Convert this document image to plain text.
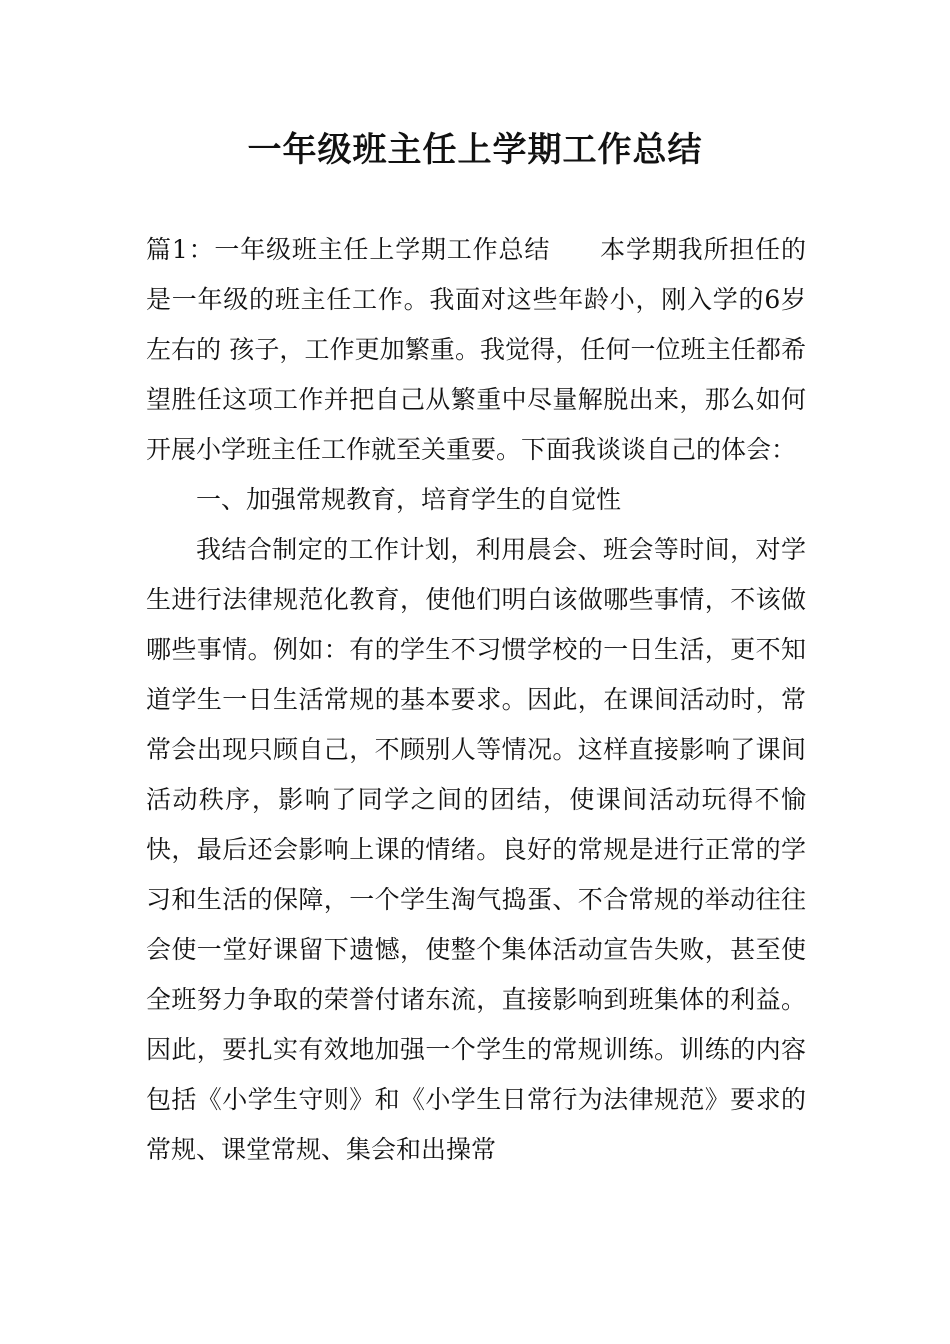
一年级班主任上学期工作总结

篇1：一年级班主任上学期工作总结 本学期我所担任的是一年级的班主任工作。我面对这些年龄小，刚入学的6岁左右的 孩子，工作更加繁重。我觉得，任何一位班主任都希望胜任这项工作并把自己从繁重中尽量解脱出来，那么如何开展小学班主任工作就至关重要。下面我谈谈自己的体会：

一、加强常规教育，培育学生的自觉性

我结合制定的工作计划，利用晨会、班会等时间，对学生进行法律规范化教育，使他们明白该做哪些事情，不该做哪些事情。例如：有的学生不习惯学校的一日生活，更不知道学生一日生活常规的基本要求。因此，在课间活动时，常常会出现只顾自己，不顾别人等情况。这样直接影响了课间活动秩序，影响了同学之间的团结，使课间活动玩得不愉快，最后还会影响上课的情绪。良好的常规是进行正常的学习和生活的保障，一个学生淘气捣蛋、不合常规的举动往往会使一堂好课留下遗憾，使整个集体活动宣告失败，甚至使全班努力争取的荣誉付诸东流，直接影响到班集体的利益。因此，要扎实有效地加强一个学生的常规训练。训练的内容包括《小学生守则》和《小学生日常行为法律规范》要求的常规、课堂常规、集会和出操常
